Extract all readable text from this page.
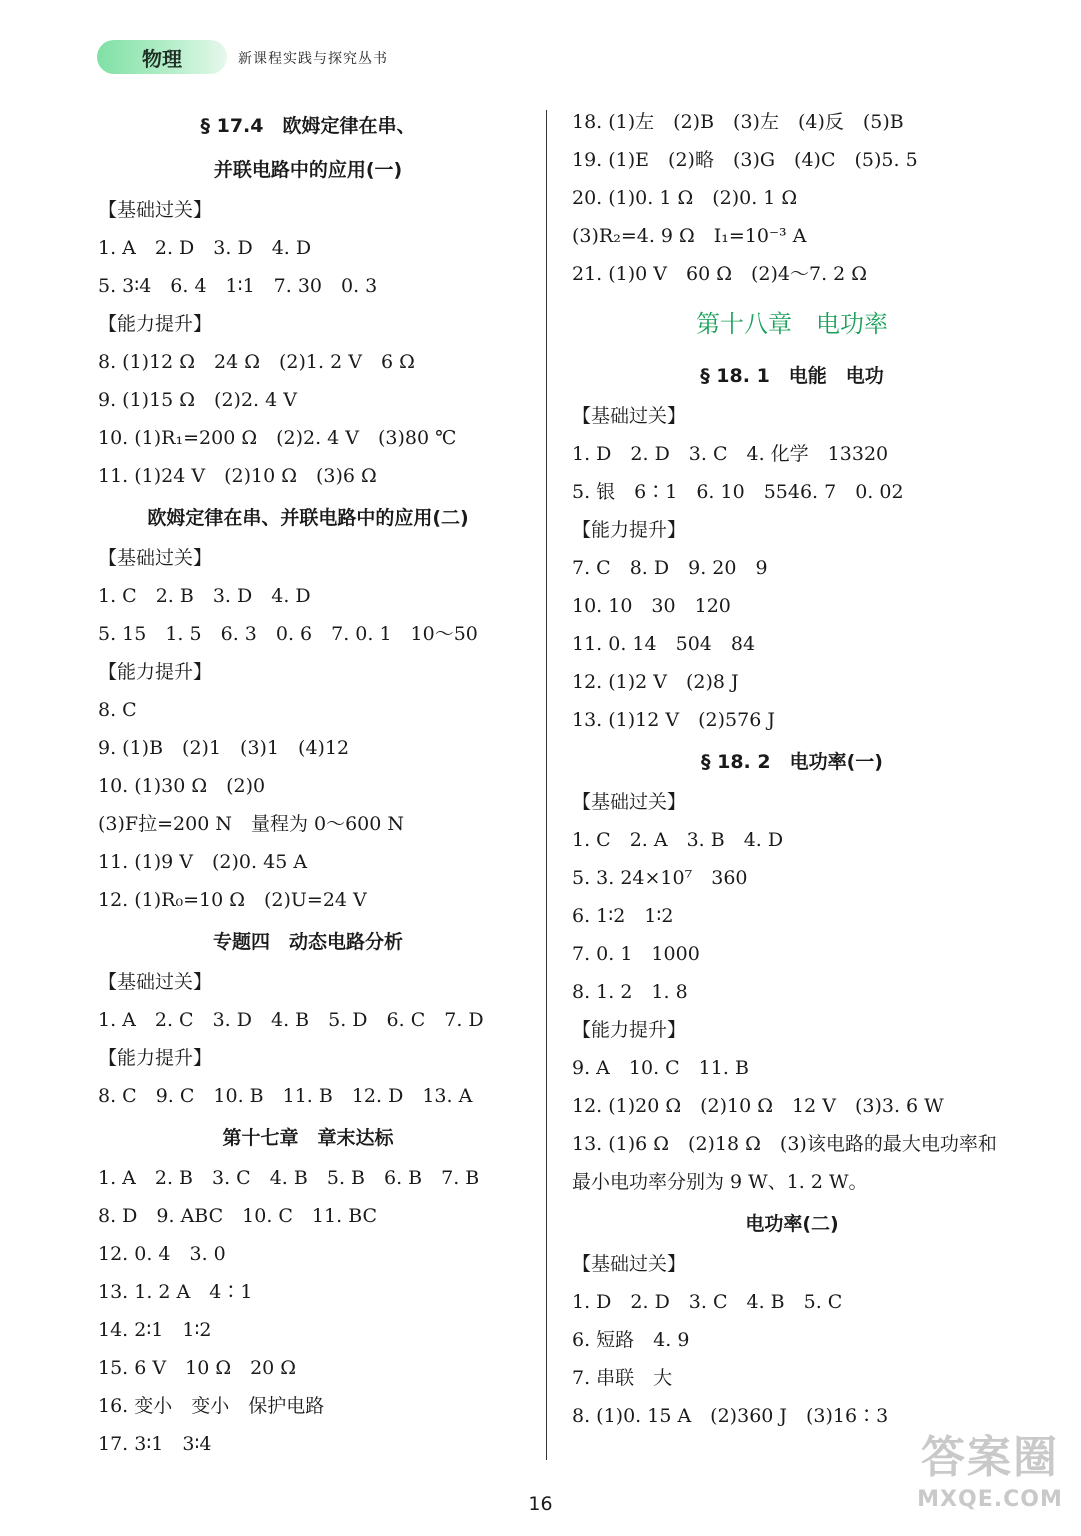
物理	新课程实践与探究丛书
§ 17.4　欧姆定律在串、
并联电路中的应用(一)
【基础过关】
1. A　2. D　3. D　4. D
5. 3∶4　6. 4　1∶1　7. 30　0. 3
【能力提升】
8. (1)12 Ω　24 Ω　(2)1. 2 V　6 Ω
9. (1)15 Ω　(2)2. 4 V
10. (1)R₁=200 Ω　(2)2. 4 V　(3)80 ℃
11. (1)24 V　(2)10 Ω　(3)6 Ω
欧姆定律在串、并联电路中的应用(二)
【基础过关】
1. C　2. B　3. D　4. D
5. 15　1. 5　6. 3　0. 6　7. 0. 1　10～50
【能力提升】
8. C
9. (1)B　(2)1　(3)1　(4)12
10. (1)30 Ω　(2)0
(3)F拉=200 N　量程为 0～600 N
11. (1)9 V　(2)0. 45 A
12. (1)R₀=10 Ω　(2)U=24 V
专题四　动态电路分析
【基础过关】
1. A　2. C　3. D　4. B　5. D　6. C　7. D
【能力提升】
8. C　9. C　10. B　11. B　12. D　13. A
第十七章　章末达标
1. A　2. B　3. C　4. B　5. B　6. B　7. B
8. D　9. ABC　10. C　11. BC
12. 0. 4　3. 0
13. 1. 2 A　4∶1
14. 2∶1　1∶2
15. 6 V　10 Ω　20 Ω
16. 变小　变小　保护电路
17. 3∶1　3∶4
18. (1)左　(2)B　(3)左　(4)反　(5)B
19. (1)E　(2)略　(3)G　(4)C　(5)5. 5
20. (1)0. 1 Ω　(2)0. 1 Ω
(3)R₂=4. 9 Ω　I₁=10⁻³ A
21. (1)0 V　60 Ω　(2)4～7. 2 Ω
第十八章　电功率
§ 18. 1　电能　电功
【基础过关】
1. D　2. D　3. C　4. 化学　13320
5. 银　6∶1　6. 10　5546. 7　0. 02
【能力提升】
7. C　8. D　9. 20　9
10. 10　30　120
11. 0. 14　504　84
12. (1)2 V　(2)8 J
13. (1)12 V　(2)576 J
§ 18. 2　电功率(一)
【基础过关】
1. C　2. A　3. B　4. D
5. 3. 24×10⁷　360
6. 1∶2　1∶2
7. 0. 1　1000
8. 1. 2　1. 8
【能力提升】
9. A　10. C　11. B
12. (1)20 Ω　(2)10 Ω　12 V　(3)3. 6 W
13. (1)6 Ω　(2)18 Ω　(3)该电路的最大电功率和最小电功率分别为 9 W、1. 2 W。
电功率(二)
【基础过关】
1. D　2. D　3. C　4. B　5. C
6. 短路　4. 9
7. 串联　大
8. (1)0. 15 A　(2)360 J　(3)16∶3
16
答案圈
MXQE.COM
